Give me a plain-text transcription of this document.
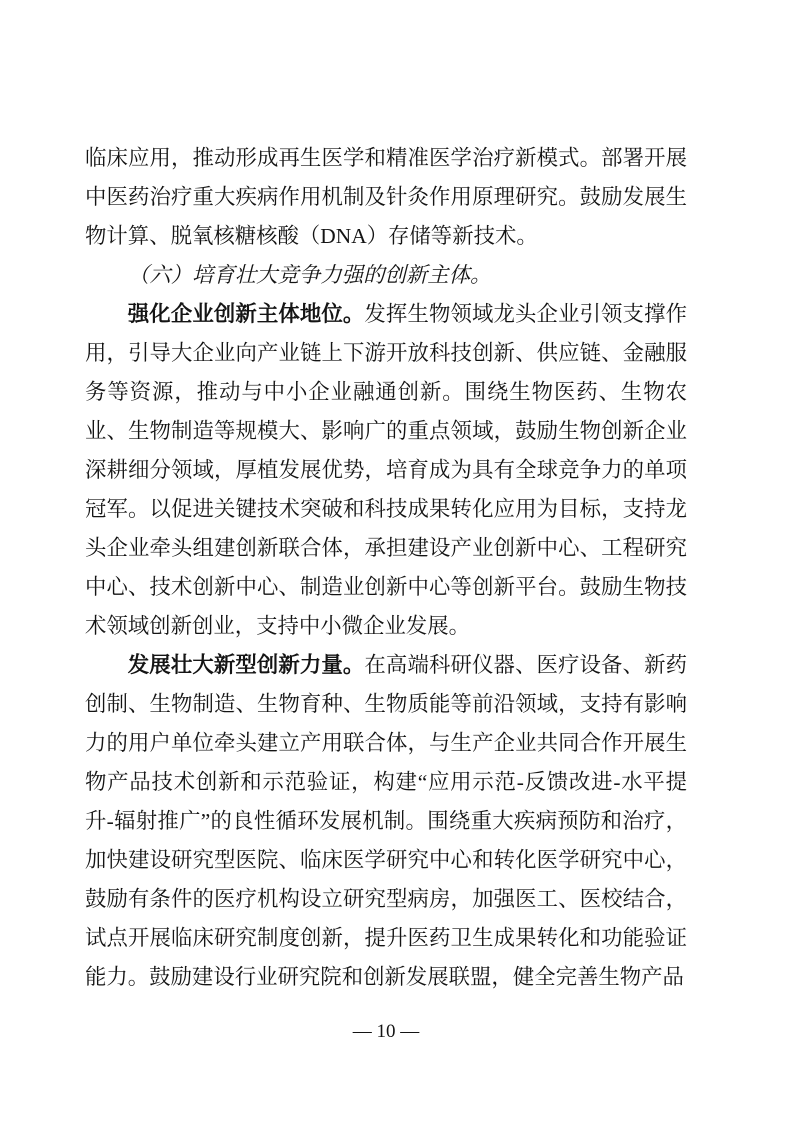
临床应用，推动形成再生医学和精准医学治疗新模式。部署开展中医药治疗重大疾病作用机制及针灸作用原理研究。鼓励发展生物计算、脱氧核糖核酸（DNA）存储等新技术。

（六）培育壮大竞争力强的创新主体。

强化企业创新主体地位。发挥生物领域龙头企业引领支撑作用，引导大企业向产业链上下游开放科技创新、供应链、金融服务等资源，推动与中小企业融通创新。围绕生物医药、生物农业、生物制造等规模大、影响广的重点领域，鼓励生物创新企业深耕细分领域，厚植发展优势，培育成为具有全球竞争力的单项冠军。以促进关键技术突破和科技成果转化应用为目标，支持龙头企业牵头组建创新联合体，承担建设产业创新中心、工程研究中心、技术创新中心、制造业创新中心等创新平台。鼓励生物技术领域创新创业，支持中小微企业发展。

发展壮大新型创新力量。在高端科研仪器、医疗设备、新药创制、生物制造、生物育种、生物质能等前沿领域，支持有影响力的用户单位牵头建立产用联合体，与生产企业共同合作开展生物产品技术创新和示范验证，构建“应用示范-反馈改进-水平提升-辐射推广”的良性循环发展机制。围绕重大疾病预防和治疗，加快建设研究型医院、临床医学研究中心和转化医学研究中心，鼓励有条件的医疗机构设立研究型病房，加强医工、医校结合，试点开展临床研究制度创新，提升医药卫生成果转化和功能验证能力。鼓励建设行业研究院和创新发展联盟，健全完善生物产品

— 10 —
